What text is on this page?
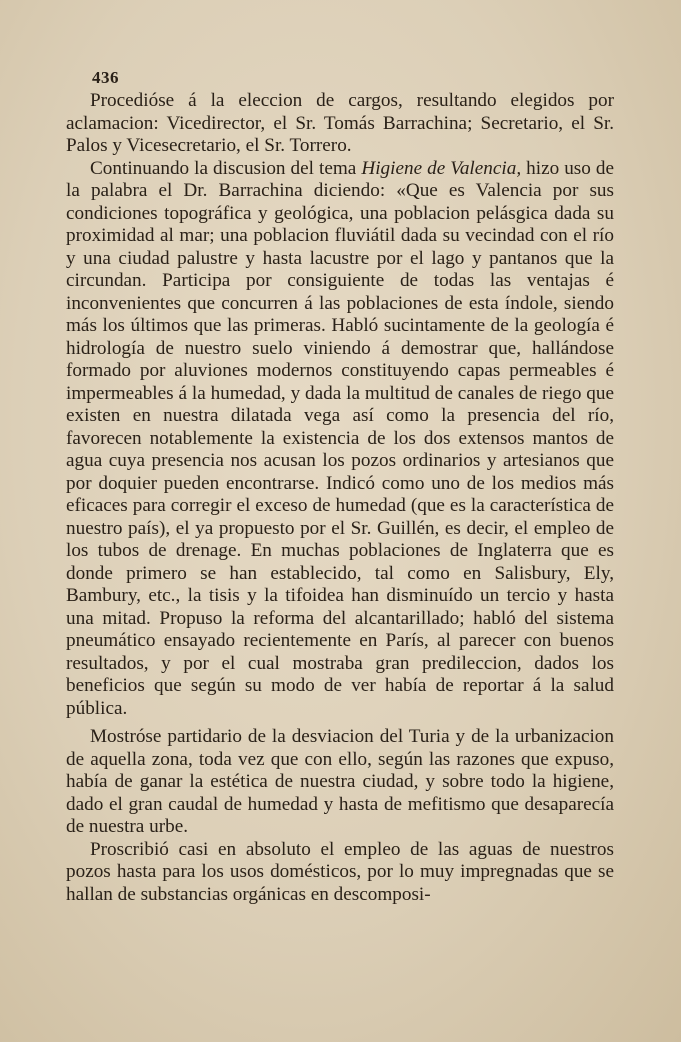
436

Procedióse á la eleccion de cargos, resultando elegidos por aclamacion: Vicedirector, el Sr. Tomás Barrachina; Secretario, el Sr. Palos y Vicesecretario, el Sr. Torrero.

Continuando la discusion del tema Higiene de Valencia, hizo uso de la palabra el Dr. Barrachina diciendo: «Que es Valencia por sus condiciones topográfica y geológica, una poblacion pelásgica dada su proximidad al mar; una poblacion fluviátil dada su vecindad con el río y una ciudad palustre y hasta lacustre por el lago y pantanos que la circundan. Participa por consiguiente de todas las ventajas é inconvenientes que concurren á las poblaciones de esta índole, siendo más los últimos que las primeras. Habló sucintamente de la geología é hidrología de nuestro suelo viniendo á demostrar que, hallándose formado por aluviones modernos constituyendo capas permeables é impermeables á la humedad, y dada la multitud de canales de riego que existen en nuestra dilatada vega así como la presencia del río, favorecen notablemente la existencia de los dos extensos mantos de agua cuya presencia nos acusan los pozos ordinarios y artesianos que por doquier pueden encontrarse. Indicó como uno de los medios más eficaces para corregir el exceso de humedad (que es la característica de nuestro país), el ya propuesto por el Sr. Guillén, es decir, el empleo de los tubos de drenage. En muchas poblaciones de Inglaterra que es donde primero se han establecido, tal como en Salisbury, Ely, Bambury, etc., la tisis y la tifoidea han disminuído un tercio y hasta una mitad. Propuso la reforma del alcantarillado; habló del sistema pneumático ensayado recientemente en París, al parecer con buenos resultados, y por el cual mostraba gran predileccion, dados los beneficios que según su modo de ver había de reportar á la salud pública.

Mostróse partidario de la desviacion del Turia y de la urbanizacion de aquella zona, toda vez que con ello, según las razones que expuso, había de ganar la estética de nuestra ciudad, y sobre todo la higiene, dado el gran caudal de humedad y hasta de mefitismo que desaparecía de nuestra urbe.

Proscribió casi en absoluto el empleo de las aguas de nuestros pozos hasta para los usos domésticos, por lo muy impregnadas que se hallan de substancias orgánicas en descomposi-
